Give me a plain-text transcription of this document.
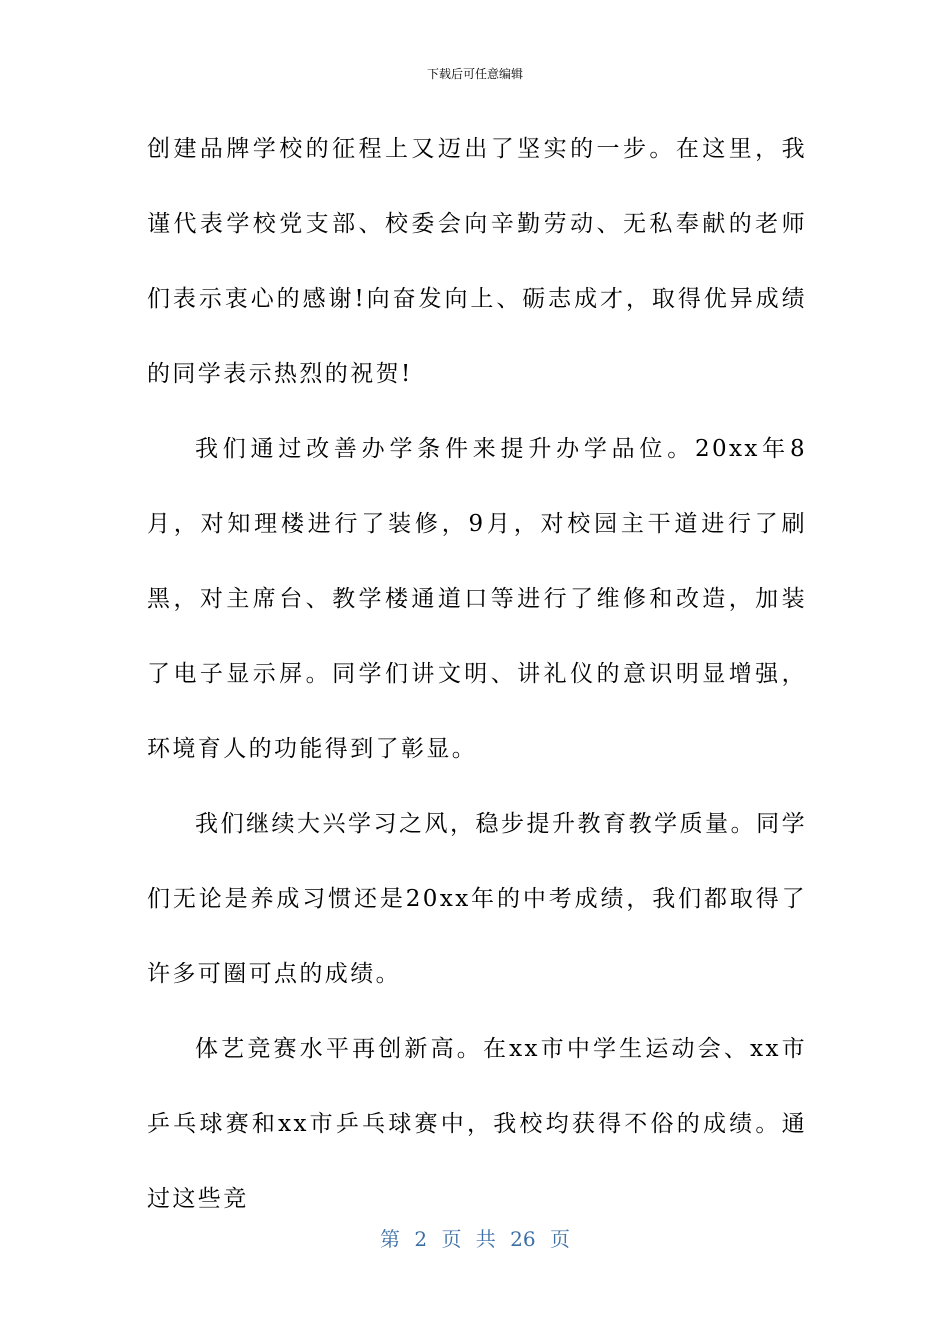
下载后可任意编辑

创建品牌学校的征程上又迈出了坚实的一步。在这里，我谨代表学校党支部、校委会向辛勤劳动、无私奉献的老师们表示衷心的感谢!向奋发向上、砺志成才，取得优异成绩的同学表示热烈的祝贺!

我们通过改善办学条件来提升办学品位。20xx年8月，对知理楼进行了装修，9月，对校园主干道进行了刷黑，对主席台、教学楼通道口等进行了维修和改造，加装了电子显示屏。同学们讲文明、讲礼仪的意识明显增强，环境育人的功能得到了彰显。

我们继续大兴学习之风，稳步提升教育教学质量。同学们无论是养成习惯还是20xx年的中考成绩，我们都取得了许多可圈可点的成绩。

体艺竞赛水平再创新高。在xx市中学生运动会、xx市乒乓球赛和xx市乒乓球赛中，我校均获得不俗的成绩。通过这些竞

第 2 页 共 26 页
